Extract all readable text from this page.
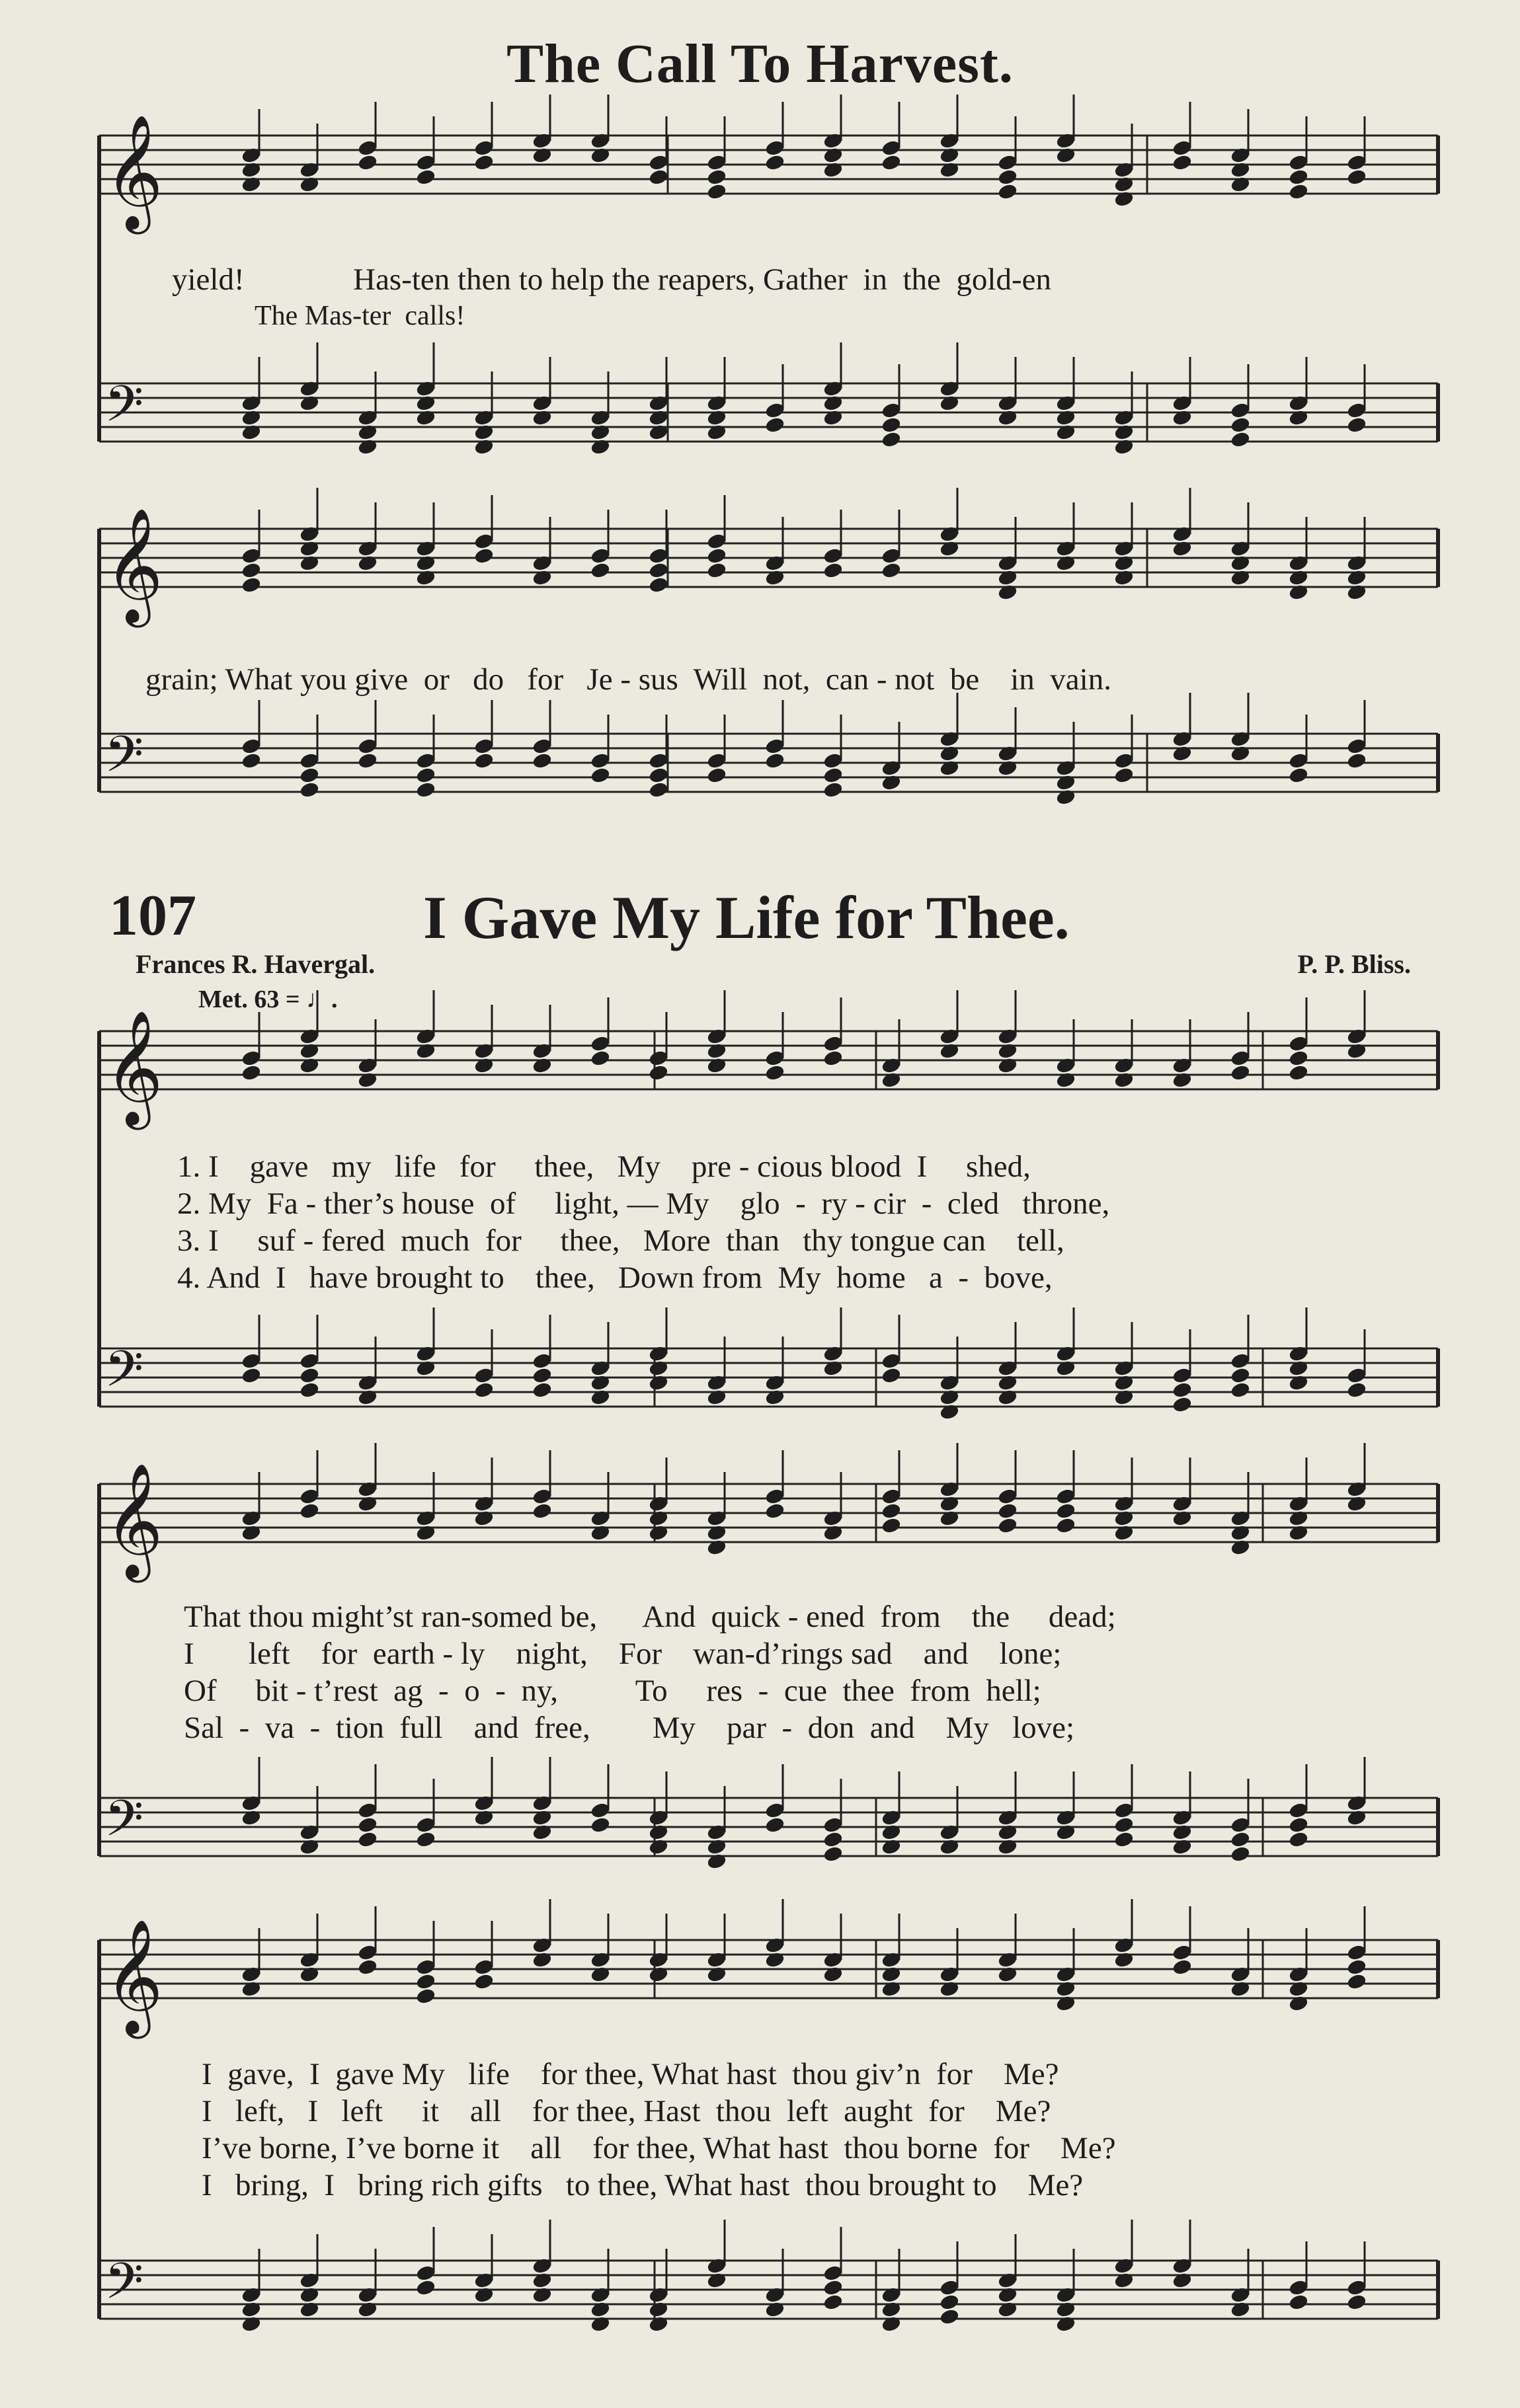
The Call To Harvest.
𝄞
𝄢
𝄞
𝄢
𝄞
𝄢
𝄞
𝄢
𝄞
𝄢
yield!              Has-ten then to help the reapers, Gather  in  the  gold-en
The Mas-ter  calls!
grain; What you give  or   do   for   Je - sus  Will  not,  can - not  be    in  vain.
107	I Gave My Life for Thee.
Frances R. Havergal.	P. P. Bliss.
Met. 63 = ♩.
1. I    gave   my   life   for     thee,   My    pre - cious blood  I     shed,
2. My  Fa - ther’s house  of     light, — My    glo  -  ry - cir  -  cled   throne,
3. I     suf - fered  much  for     thee,   More  than   thy tongue can    tell,
4. And  I   have brought to    thee,   Down from  My  home   a  -  bove,
That thou might’st ran-somed be,      And  quick - ened  from    the     dead;
I       left    for  earth - ly    night,    For    wan-d’rings sad    and    lone;
Of     bit - t’rest  ag  -  o  -  ny,          To     res  -  cue  thee  from  hell;
Sal  -  va  -  tion  full    and  free,        My    par  -  don  and    My   love;
I  gave,  I  gave My   life    for thee, What hast  thou giv’n  for    Me?
I   left,   I   left     it    all    for thee, Hast  thou  left  aught  for    Me?
I’ve borne, I’ve borne it    all    for thee, What hast  thou borne  for    Me?
I   bring,  I   bring rich gifts   to thee, What hast  thou brought to    Me?
